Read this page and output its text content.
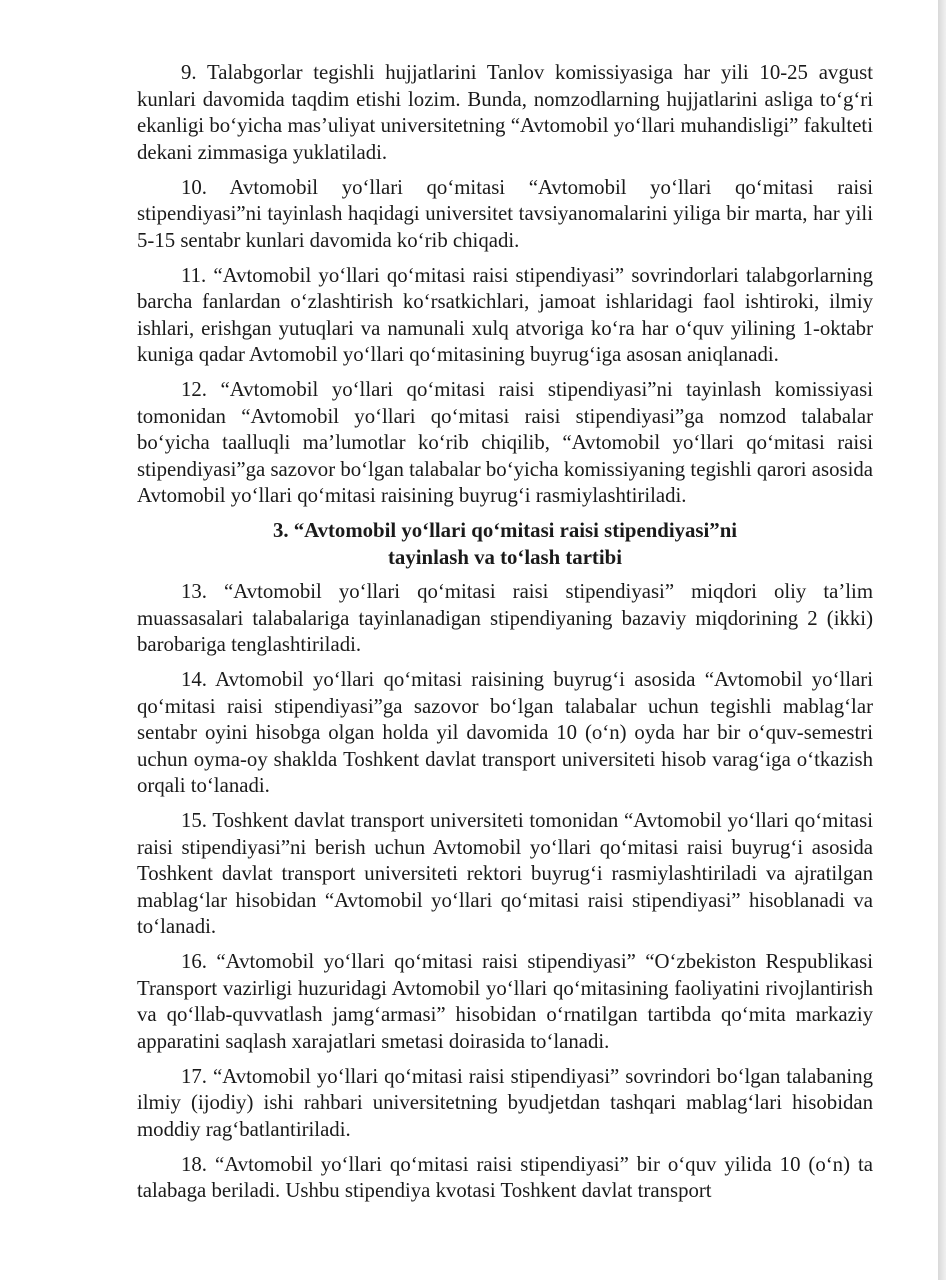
9. Talabgorlar tegishli hujjatlarini Tanlov komissiyasiga har yili 10-25 avgust kunlari davomida taqdim etishi lozim. Bunda, nomzodlarning hujjatlarini asliga to‘g‘ri ekanligi bo‘yicha mas’uliyat universitetning “Avtomobil yo‘llari muhandisligi” fakulteti dekani zimmasiga yuklatiladi.

10. Avtomobil yo‘llari qo‘mitasi “Avtomobil yo‘llari qo‘mitasi raisi stipendiyasi”ni tayinlash haqidagi universitet tavsiyanomalarini yiliga bir marta, har yili 5-15 sentabr kunlari davomida ko‘rib chiqadi.

11. “Avtomobil yo‘llari qo‘mitasi raisi stipendiyasi” sovrindorlari talabgorlarning barcha fanlardan o‘zlashtirish ko‘rsatkichlari, jamoat ishlaridagi faol ishtiroki, ilmiy ishlari, erishgan yutuqlari va namunali xulq atvoriga ko‘ra har o‘quv yilining 1-oktabr kuniga qadar Avtomobil yo‘llari qo‘mitasining buyrug‘iga asosan aniqlanadi.

12. “Avtomobil yo‘llari qo‘mitasi raisi stipendiyasi”ni tayinlash komissiyasi tomonidan “Avtomobil yo‘llari qo‘mitasi raisi stipendiyasi”ga nomzod talabalar bo‘yicha taalluqli ma’lumotlar ko‘rib chiqilib, “Avtomobil yo‘llari qo‘mitasi raisi stipendiyasi”ga sazovor bo‘lgan talabalar bo‘yicha komissiyaning tegishli qarori asosida Avtomobil yo‘llari qo‘mitasi raisining buyrug‘i rasmiylashtiriladi.

3. “Avtomobil yo‘llari qo‘mitasi raisi stipendiyasi”ni
tayinlash va to‘lash tartibi

13. “Avtomobil yo‘llari qo‘mitasi raisi stipendiyasi” miqdori oliy ta’lim muassasalari talabalariga tayinlanadigan stipendiyaning bazaviy miqdorining 2 (ikki) barobariga tenglashtiriladi.

14. Avtomobil yo‘llari qo‘mitasi raisining buyrug‘i asosida “Avtomobil yo‘llari qo‘mitasi raisi stipendiyasi”ga sazovor bo‘lgan talabalar uchun tegishli mablag‘lar sentabr oyini hisobga olgan holda yil davomida 10 (o‘n) oyda har bir o‘quv-semestri uchun oyma-oy shakldа Toshkent davlat transport universiteti hisob varag‘iga o‘tkazish orqali to‘lanadi.

15. Toshkent davlat transport universiteti tomonidan “Avtomobil yo‘llari qo‘mitasi raisi stipendiyasi”ni berish uchun Avtomobil yo‘llari qo‘mitasi raisi buyrug‘i asosida Toshkent davlat transport universiteti rektori buyrug‘i rasmiylashtiriladi va ajratilgan mablag‘lar hisobidan “Avtomobil yo‘llari qo‘mitasi raisi stipendiyasi” hisoblanadi va to‘lanadi.

16. “Avtomobil yo‘llari qo‘mitasi raisi stipendiyasi” “O‘zbekiston Respublikasi Transport vazirligi huzuridagi Avtomobil yo‘llari qo‘mitasining faoliyatini rivojlantirish va qo‘llab-quvvatlash jamg‘armasi” hisobidan o‘rnatilgan tartibda qo‘mita markaziy apparatini saqlash xarajatlari smetasi doirasida to‘lanadi.

17. “Avtomobil yo‘llari qo‘mitasi raisi stipendiyasi” sovrindori bo‘lgan talabaning ilmiy (ijodiy) ishi rahbari universitetning byudjetdan tashqari mablag‘lari hisobidan moddiy rag‘batlantiriladi.

18. “Avtomobil yo‘llari qo‘mitasi raisi stipendiyasi” bir o‘quv yilida 10 (o‘n) ta talabaga beriladi. Ushbu stipendiya kvotasi Toshkent davlat transport
